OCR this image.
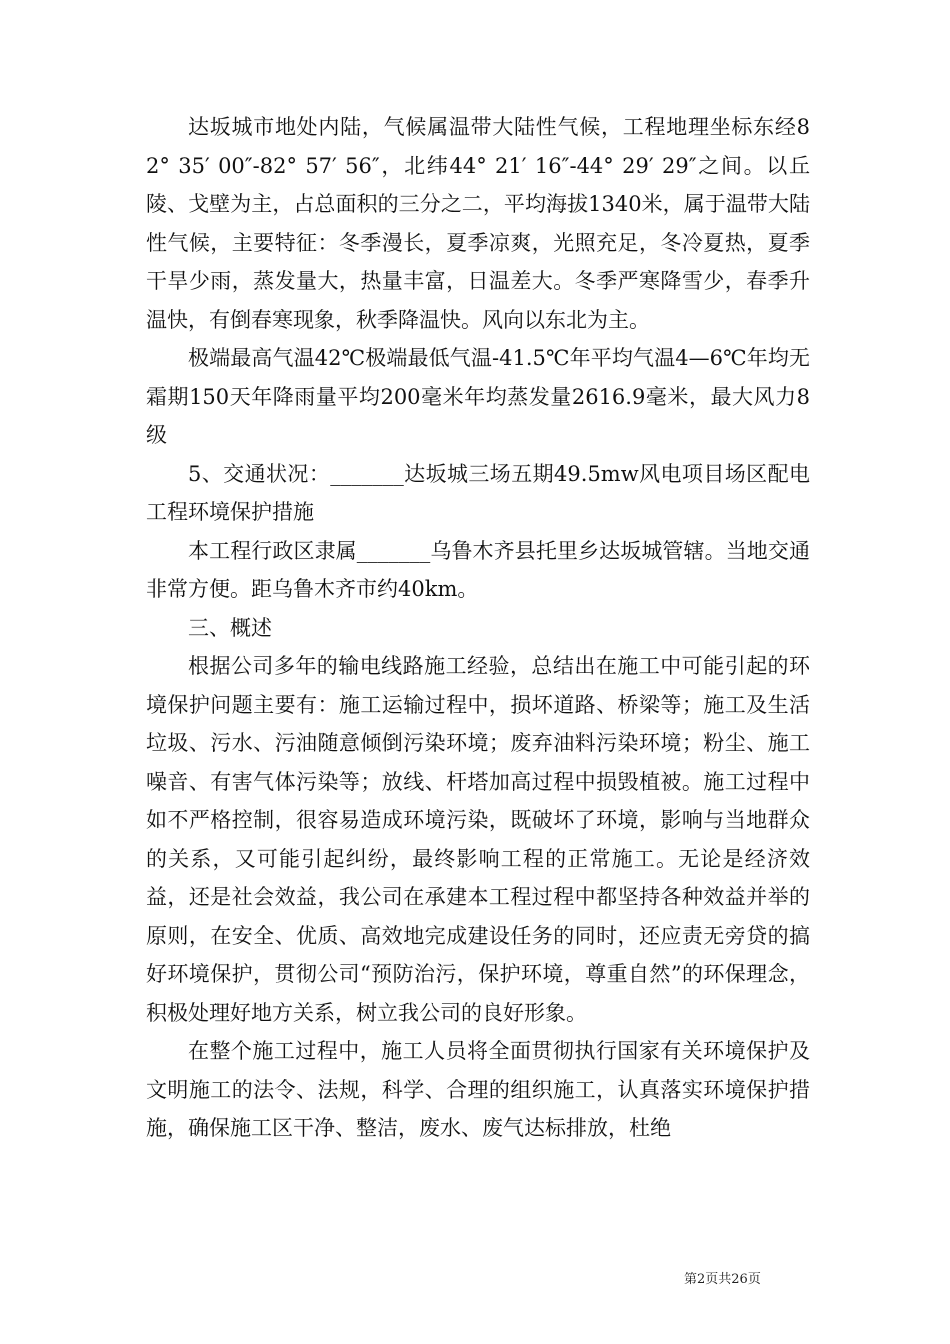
达坂城市地处内陆，气候属温带大陆性气候，工程地理坐标东经82° 35′ 00″-82° 57′ 56″，北纬44° 21′ 16″-44° 29′ 29″之间。以丘陵、戈壁为主，占总面积的三分之二，平均海拔1340米，属于温带大陆性气候，主要特征：冬季漫长，夏季凉爽，光照充足，冬冷夏热，夏季干旱少雨，蒸发量大，热量丰富，日温差大。冬季严寒降雪少，春季升温快，有倒春寒现象，秋季降温快。风向以东北为主。

极端最高气温42℃极端最低气温-41.5℃年平均气温4—6℃年均无霜期150天年降雨量平均200毫米年均蒸发量2616.9毫米，最大风力8级

5、交通状况：_______达坂城三场五期49.5mw风电项目场区配电工程环境保护措施

本工程行政区隶属_______乌鲁木齐县托里乡达坂城管辖。当地交通非常方便。距乌鲁木齐市约40km。

三、概述

根据公司多年的输电线路施工经验，总结出在施工中可能引起的环境保护问题主要有：施工运输过程中，损坏道路、桥梁等；施工及生活垃圾、污水、污油随意倾倒污染环境；废弃油料污染环境；粉尘、施工噪音、有害气体污染等；放线、杆塔加高过程中损毁植被。施工过程中如不严格控制，很容易造成环境污染，既破坏了环境，影响与当地群众的关系，又可能引起纠纷，最终影响工程的正常施工。无论是经济效益，还是社会效益，我公司在承建本工程过程中都坚持各种效益并举的原则，在安全、优质、高效地完成建设任务的同时，还应责无旁贷的搞好环境保护，贯彻公司“预防治污，保护环境，尊重自然”的环保理念，积极处理好地方关系，树立我公司的良好形象。

在整个施工过程中，施工人员将全面贯彻执行国家有关环境保护及文明施工的法令、法规，科学、合理的组织施工，认真落实环境保护措施，确保施工区干净、整洁，废水、废气达标排放，杜绝

第2页共26页
